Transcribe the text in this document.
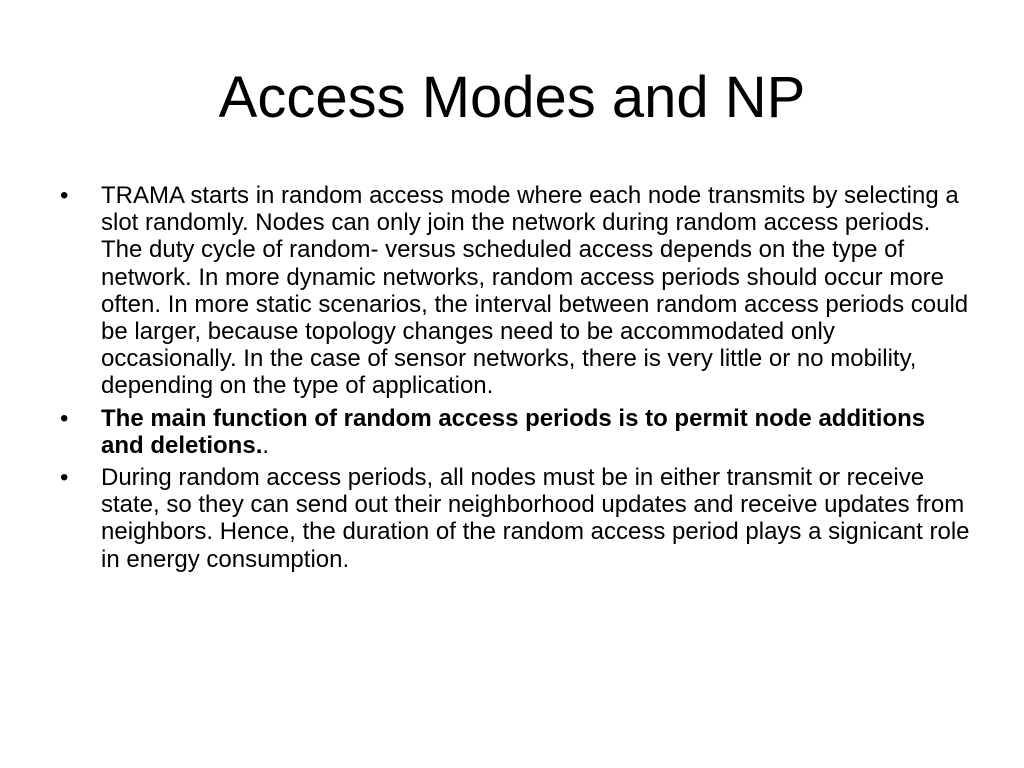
Access Modes and NP
•	TRAMA starts in random access mode where each node transmits by selecting a slot randomly. Nodes can only join the network during random access periods. The duty cycle of random- versus scheduled access depends on the type of network. In more dynamic networks, random access periods should occur more often. In more static scenarios, the interval between random access periods could be larger, because topology changes need to be accommodated only occasionally. In the case of sensor networks, there is very little or no mobility, depending on the type of application.
•	The main function of random access periods is to permit node additions and deletions..
•	During random access periods, all nodes must be in either transmit or receive state, so they can send out their neighborhood updates and receive updates from neighbors. Hence, the duration of the random access period plays a signicant role in energy consumption.
